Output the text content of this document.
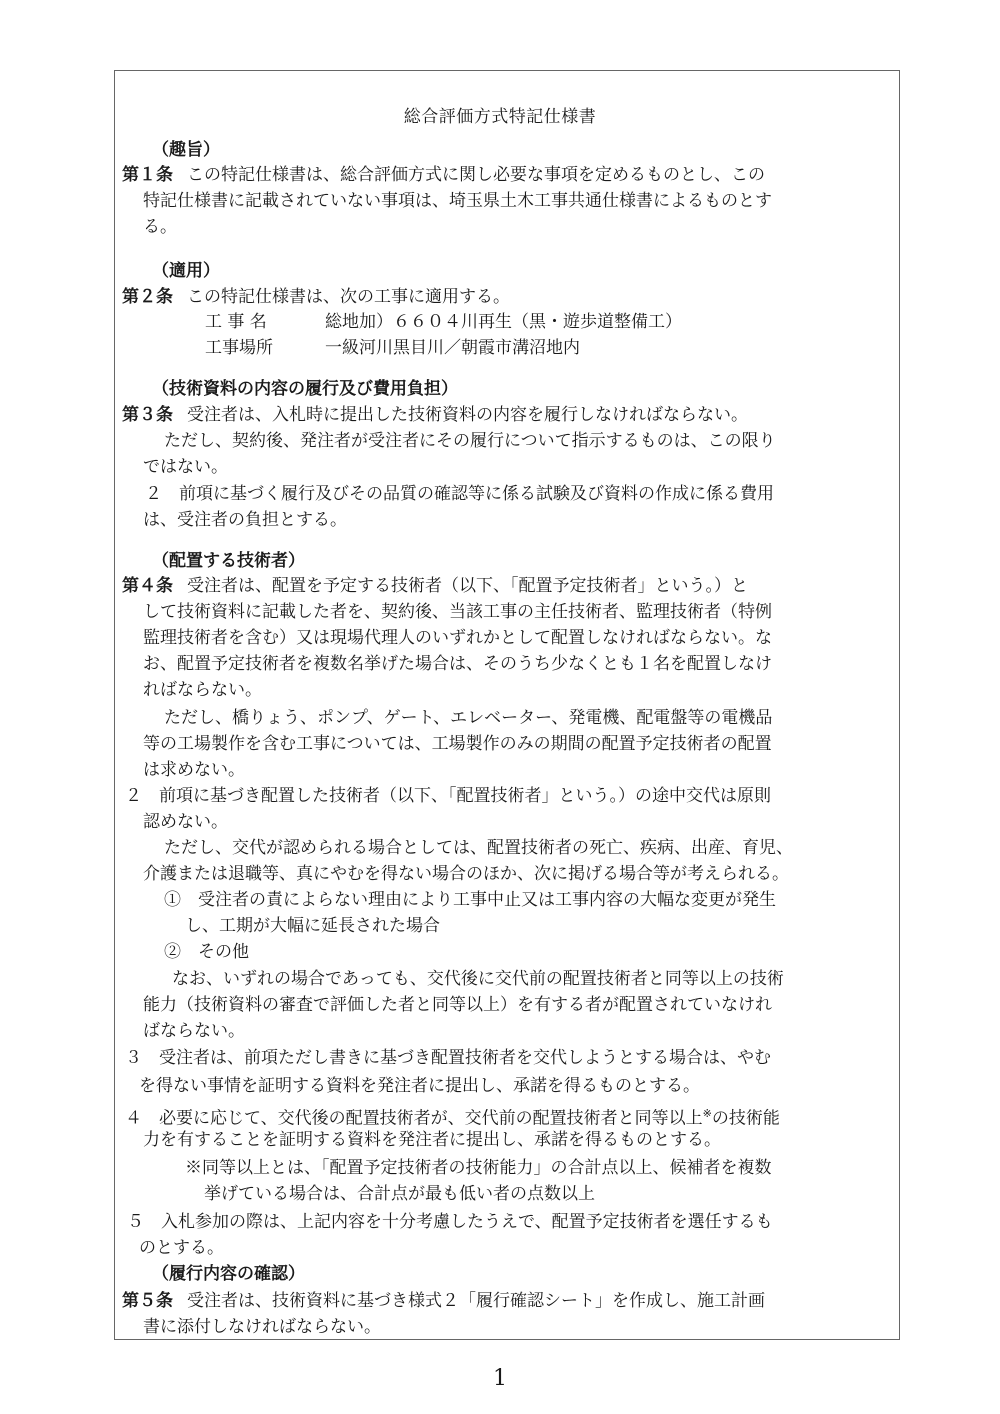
総合評価方式特記仕様書
（趣旨）
第１条 この特記仕様書は、総合評価方式に関し必要な事項を定めるものとし、この
特記仕様書に記載されていない事項は、埼玉県土木工事共通仕様書によるものとす
る。
（適用）
第２条 この特記仕様書は、次の工事に適用する。
工 事 名	総地加）６６０４川再生（黒・遊歩道整備工）
工事場所	一級河川黒目川／朝霞市溝沼地内
（技術資料の内容の履行及び費用負担）
第３条 受注者は、入札時に提出した技術資料の内容を履行しなければならない。
ただし、契約後、発注者が受注者にその履行について指示するものは、この限り
ではない。
２　前項に基づく履行及びその品質の確認等に係る試験及び資料の作成に係る費用
は、受注者の負担とする。
（配置する技術者）
第４条 受注者は、配置を予定する技術者（以下、「配置予定技術者」という。）と
して技術資料に記載した者を、契約後、当該工事の主任技術者、監理技術者（特例
監理技術者を含む）又は現場代理人のいずれかとして配置しなければならない。な
お、配置予定技術者を複数名挙げた場合は、そのうち少なくとも１名を配置しなけ
ればならない。
ただし、橋りょう、ポンプ、ゲート、エレベーター、発電機、配電盤等の電機品
等の工場製作を含む工事については、工場製作のみの期間の配置予定技術者の配置
は求めない。
２　前項に基づき配置した技術者（以下、「配置技術者」という。）の途中交代は原則
認めない。
ただし、交代が認められる場合としては、配置技術者の死亡、疾病、出産、育児、
介護または退職等、真にやむを得ない場合のほか、次に掲げる場合等が考えられる。
①　受注者の責によらない理由により工事中止又は工事内容の大幅な変更が発生
し、工期が大幅に延長された場合
②　その他
なお、いずれの場合であっても、交代後に交代前の配置技術者と同等以上の技術
能力（技術資料の審査で評価した者と同等以上）を有する者が配置されていなけれ
ばならない。
３　受注者は、前項ただし書きに基づき配置技術者を交代しようとする場合は、やむ
を得ない事情を証明する資料を発注者に提出し、承諾を得るものとする。
４　必要に応じて、交代後の配置技術者が、交代前の配置技術者と同等以上※の技術能
力を有することを証明する資料を発注者に提出し、承諾を得るものとする。
※同等以上とは、「配置予定技術者の技術能力」の合計点以上、候補者を複数
挙げている場合は、合計点が最も低い者の点数以上
５　入札参加の際は、上記内容を十分考慮したうえで、配置予定技術者を選任するも
のとする。
（履行内容の確認）
第５条 受注者は、技術資料に基づき様式２「履行確認シート」を作成し、施工計画
書に添付しなければならない。
1
